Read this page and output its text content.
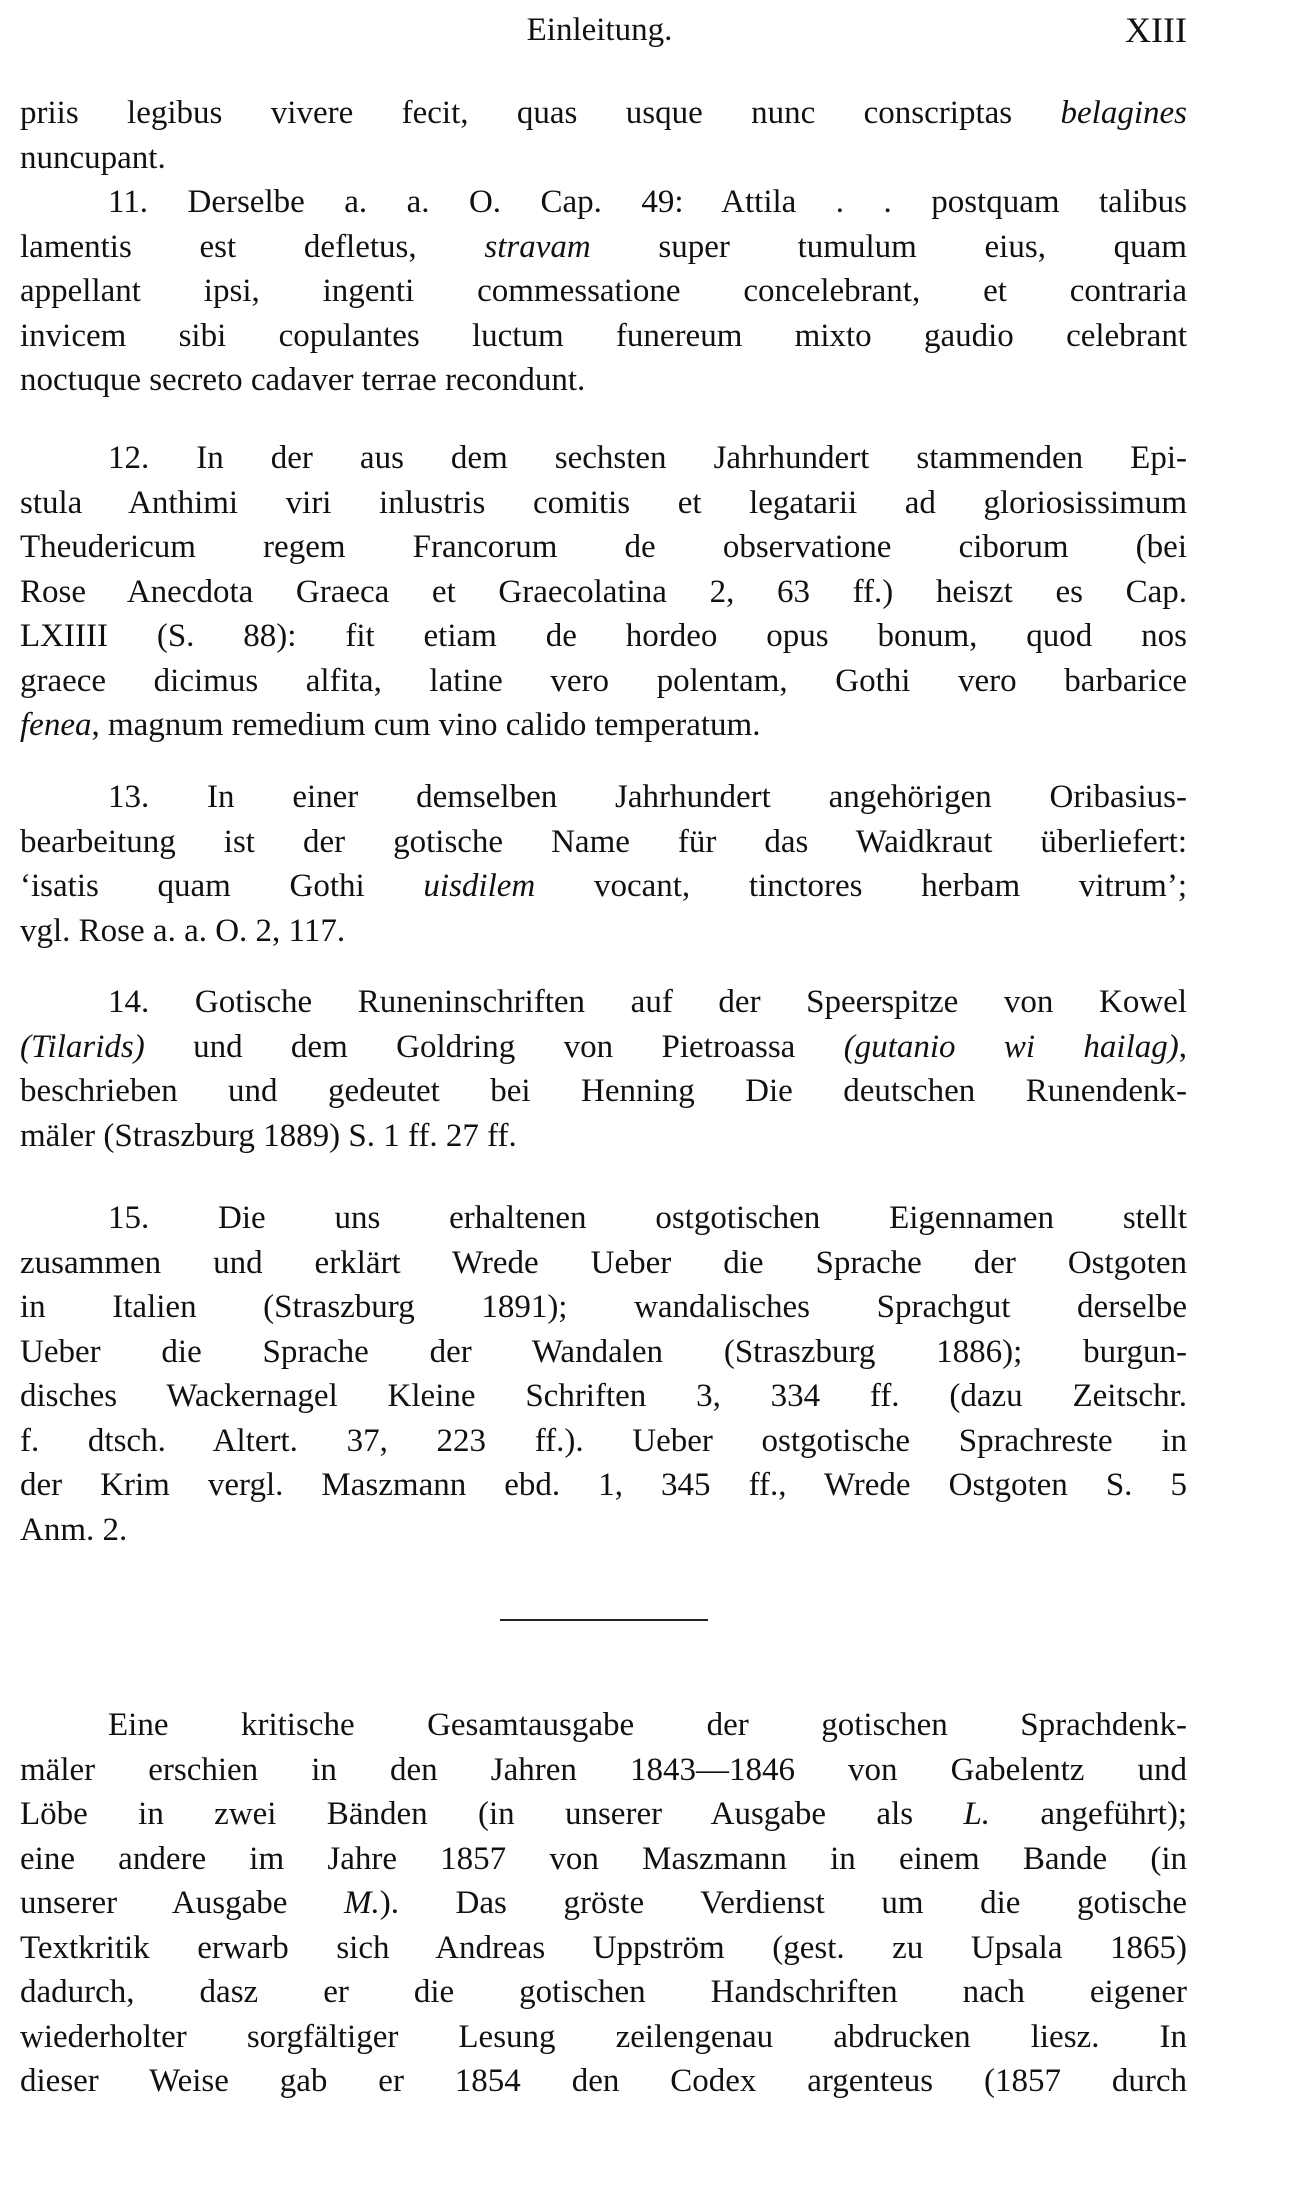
Einleitung.	XIII
priis legibus vivere fecit, quas usque nunc conscriptas belagines
nuncupant.
11. Derselbe a. a. O. Cap. 49: Attila . . postquam talibus
lamentis est defletus, stravam super tumulum eius, quam
appellant ipsi, ingenti commessatione concelebrant, et contraria
invicem sibi copulantes luctum funereum mixto gaudio celebrant
noctuque secreto cadaver terrae recondunt.
12. In der aus dem sechsten Jahrhundert stammenden Epi-
stula Anthimi viri inlustris comitis et legatarii ad gloriosissimum
Theudericum regem Francorum de observatione ciborum (bei
Rose Anecdota Graeca et Graecolatina 2, 63 ff.) heiszt es Cap.
LXIIII (S. 88): fit etiam de hordeo opus bonum, quod nos
graece dicimus alfita, latine vero polentam, Gothi vero barbarice
fenea, magnum remedium cum vino calido temperatum.
13. In einer demselben Jahrhundert angehörigen Oribasius-
bearbeitung ist der gotische Name für das Waidkraut überliefert:
‘isatis quam Gothi uisdilem vocant, tinctores herbam vitrum’;
vgl. Rose a. a. O. 2, 117.
14. Gotische Runeninschriften auf der Speerspitze von Kowel
(Tilarids) und dem Goldring von Pietroassa (gutanio wi hailag),
beschrieben und gedeutet bei Henning Die deutschen Runendenk-
mäler (Straszburg 1889) S. 1 ff. 27 ff.
15. Die uns erhaltenen ostgotischen Eigennamen stellt
zusammen und erklärt Wrede Ueber die Sprache der Ostgoten
in Italien (Straszburg 1891); wandalisches Sprachgut derselbe
Ueber die Sprache der Wandalen (Straszburg 1886); burgun-
disches Wackernagel Kleine Schriften 3, 334 ff. (dazu Zeitschr.
f. dtsch. Altert. 37, 223 ff.). Ueber ostgotische Sprachreste in
der Krim vergl. Maszmann ebd. 1, 345 ff., Wrede Ostgoten S. 5
Anm. 2.
Eine kritische Gesamtausgabe der gotischen Sprachdenk-
mäler erschien in den Jahren 1843—1846 von Gabelentz und
Löbe in zwei Bänden (in unserer Ausgabe als L. angeführt);
eine andere im Jahre 1857 von Maszmann in einem Bande (in
unserer Ausgabe M.). Das gröste Verdienst um die gotische
Textkritik erwarb sich Andreas Uppström (gest. zu Upsala 1865)
dadurch, dasz er die gotischen Handschriften nach eigener
wiederholter sorgfältiger Lesung zeilengenau abdrucken liesz. In
dieser Weise gab er 1854 den Codex argenteus (1857 durch
